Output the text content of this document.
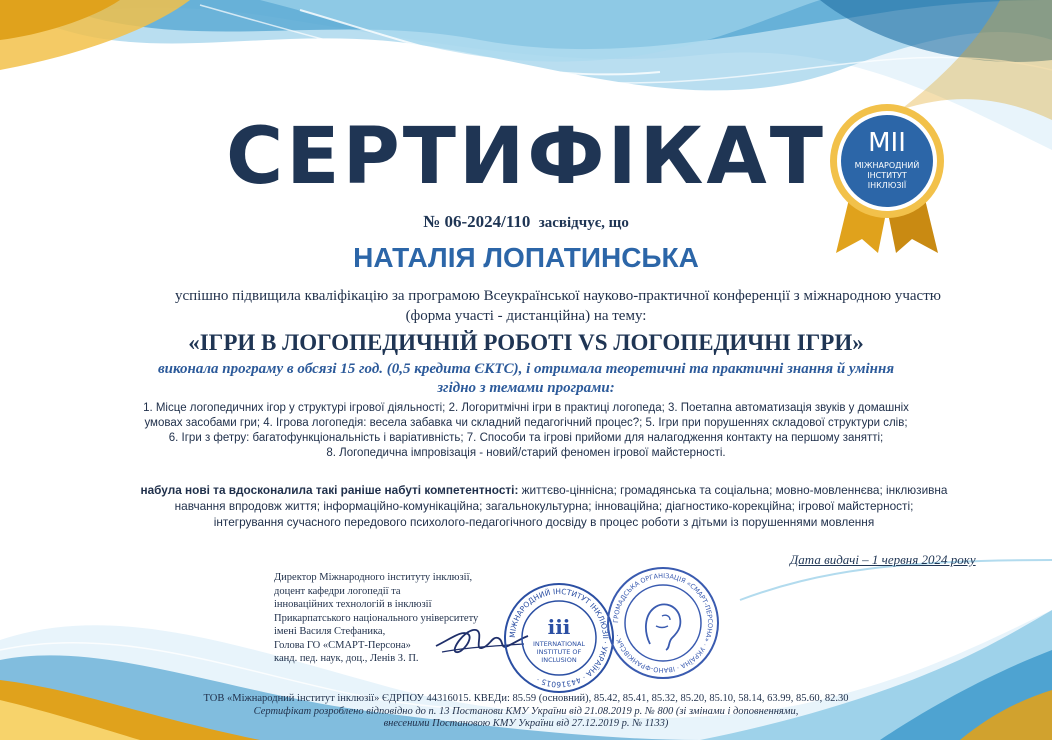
СЕРТИФІКАТ	MII
МІЖНАРОДНИЙ
ІНСТИТУТ
ІНКЛЮЗІЇ
№ 06-2024/110 засвідчує, що
НАТАЛІЯ ЛОПАТИНСЬКА
успішно підвищила кваліфікацію за програмою Всеукраїнської науково-практичної конференції з міжнародною участю
(форма участі - дистанційна) на тему:
«ІГРИ В ЛОГОПЕДИЧНІЙ РОБОТІ VS ЛОГОПЕДИЧНІ ІГРИ»
виконала програму в обсязі 15 год. (0,5 кредита ЄКТС), і отримала теоретичні та практичні знання й уміння
згідно з темами програми:
1. Місце логопедичних ігор у структурі ігрової діяльності; 2. Логоритмічні ігри в практиці логопеда; 3. Поетапна автоматизація звуків у домашніх
умовах засобами гри; 4. Ігрова логопедія: весела забавка чи складний педагогічний процес?; 5. Ігри при порушеннях складової структури слів;
6. Ігри з фетру: багатофункціональність і варіативність; 7. Способи та ігрові прийоми для налагодження контакту на першому занятті;
8. Логопедична імпровізація - новий/старий феномен ігрової майстерності.
набула нові та вдосконалила такі раніше набуті компетентності: життєво-ціннісна; громадянська та соціальна; мовно-мовленнєва; інклюзивна
навчання впродовж життя; інформаційно-комунікаційна; загальнокультурна; інноваційна; діагностико-корекційна; ігрової майстерності;
інтегрування сучасного передового психолого-педагогічного досвіду в процес роботи з дітьми із порушеннями мовлення
Дата видачі – 1 червня 2024 року
Директор Міжнародного інституту інклюзії,
доцент кафедри логопедії та
інноваційних технологій в інклюзії
Прикарпатського національного університету
імені Василя Стефаника,
Голова ГО «СМАРТ-Персона»
канд. пед. наук, доц., Ленів З. П.
МІЖНАРОДНИЙ ІНСТИТУТ ІНКЛЮЗІЇ · УКРАЇНА · 44316015 ·
iii
INTERNATIONAL
INSTITUTE OF
INCLUSION
ГРОМАДСЬКА ОРГАНІЗАЦІЯ «СМАРТ-ПЕРСОНА» · УКРАЇНА · ІВАНО-ФРАНКІВСЬК ·
ТОВ «Міжнародний інститут інклюзії» ЄДРПОУ 44316015. КВЕДи: 85.59 (основний), 85.42, 85.41, 85.32, 85.20, 85.10, 58.14, 63.99, 85.60, 82.30
Сертифікат розроблено відповідно до п. 13 Постанови КМУ України від 21.08.2019 р. № 800 (зі змінами і доповненнями,
внесеними Постановою КМУ України від 27.12.2019 р. № 1133)
